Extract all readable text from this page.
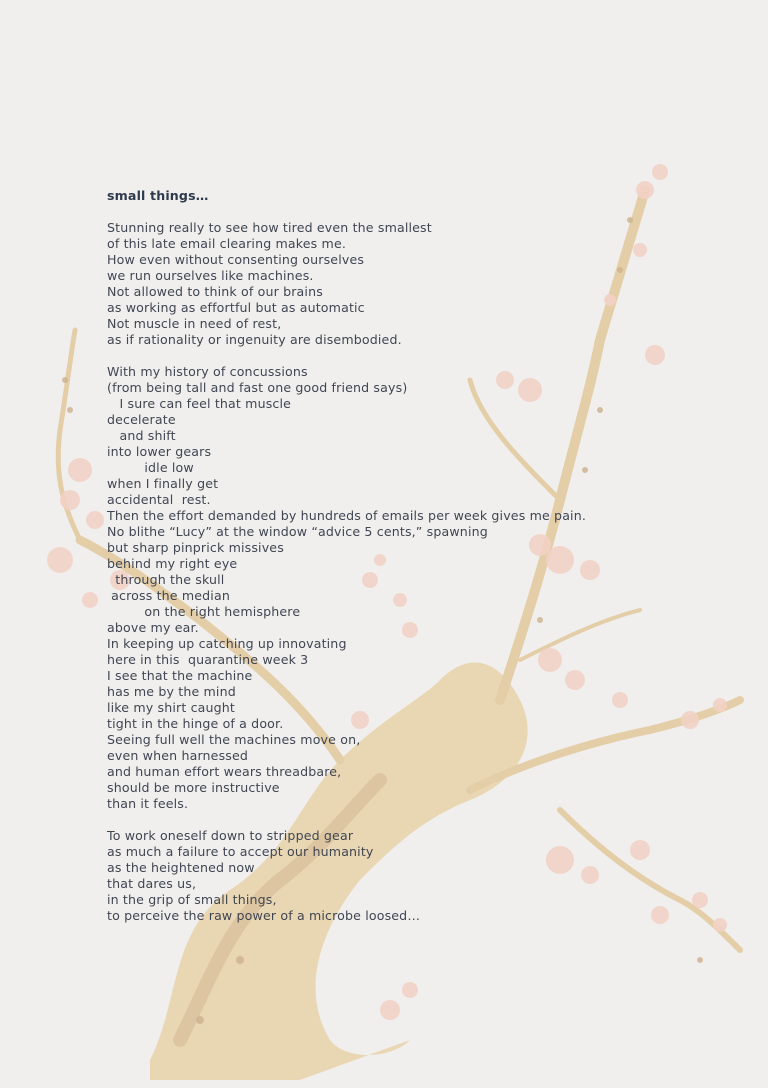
small things…
Stunning really to see how tired even the smallest
of this late email clearing makes me.
How even without consenting ourselves
we run ourselves like machines.
Not allowed to think of our brains
as working as effortful but as automatic
Not muscle in need of rest,
as if rationality or ingenuity are disembodied.
With my history of concussions
(from being tall and fast one good friend says)
I sure can feel that muscle
decelerate
and shift
into lower gears
idle low
when I finally get
accidental  rest.
Then the effort demanded by hundreds of emails per week gives me pain.
No blithe “Lucy” at the window “advice 5 cents,” spawning
but sharp pinprick missives
behind my right eye
through the skull
across the median
on the right hemisphere
above my ear.
In keeping up catching up innovating
here in this  quarantine week 3
I see that the machine
has me by the mind
like my shirt caught
tight in the hinge of a door.
Seeing full well the machines move on,
even when harnessed
and human effort wears threadbare,
should be more instructive
than it feels.
To work oneself down to stripped gear
as much a failure to accept our humanity
as the heightened now
that dares us,
in the grip of small things,
to perceive the raw power of a microbe loosed…
